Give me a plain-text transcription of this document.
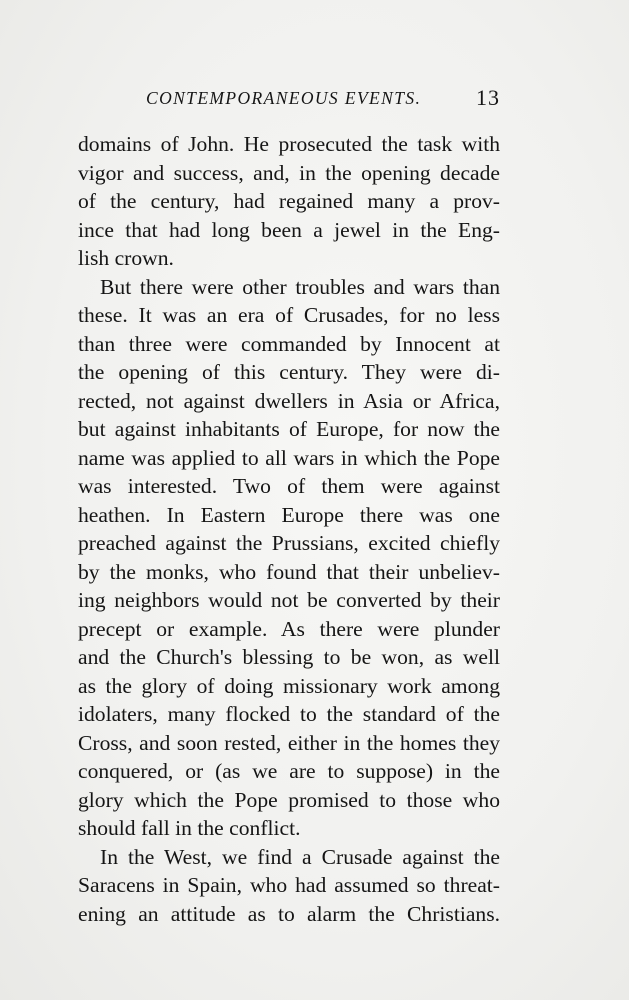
CONTEMPORANEOUS EVENTS. 13
domains of John. He prosecuted the task with
vigor and success, and, in the opening decade
of the century, had regained many a prov-
ince that had long been a jewel in the Eng-
lish crown.
But there were other troubles and wars than
these. It was an era of Crusades, for no less
than three were commanded by Innocent at
the opening of this century. They were di-
rected, not against dwellers in Asia or Africa,
but against inhabitants of Europe, for now the
name was applied to all wars in which the Pope
was interested. Two of them were against
heathen. In Eastern Europe there was one
preached against the Prussians, excited chiefly
by the monks, who found that their unbeliev-
ing neighbors would not be converted by their
precept or example. As there were plunder
and the Church's blessing to be won, as well
as the glory of doing missionary work among
idolaters, many flocked to the standard of the
Cross, and soon rested, either in the homes they
conquered, or (as we are to suppose) in the
glory which the Pope promised to those who
should fall in the conflict.
In the West, we find a Crusade against the
Saracens in Spain, who had assumed so threat-
ening an attitude as to alarm the Christians.
